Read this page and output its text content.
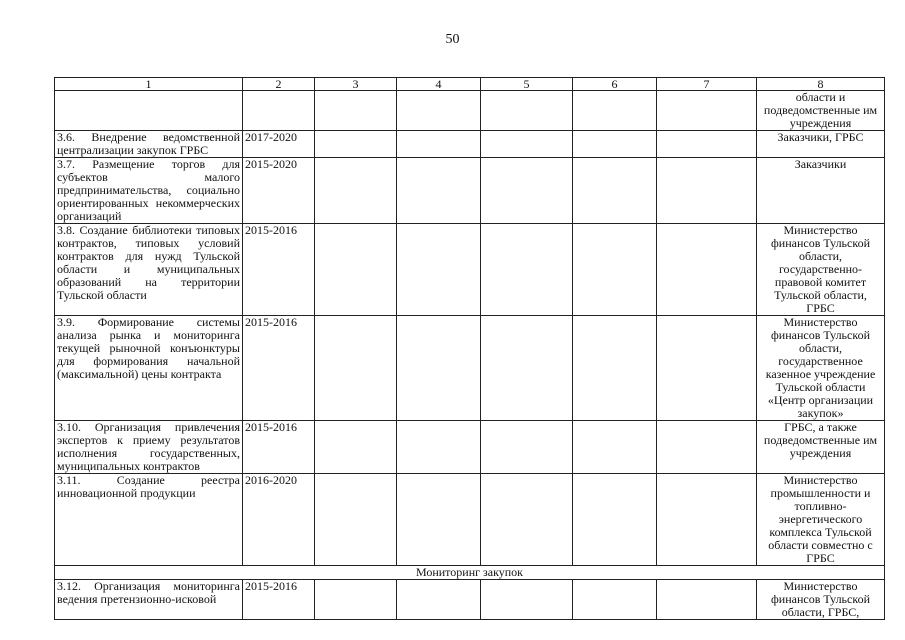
50
1	2	3	4	5	6	7	8
							области и подведомственные им учреждения
3.6. Внедрение ведомственной централизации закупок ГРБС	2017-2020						Заказчики, ГРБС
3.7. Размещение торгов для субъектов малого предпринимательства, социально ориентированных некоммерческих организаций	2015-2020						Заказчики
3.8. Создание библиотеки типовых контрактов, типовых условий контрактов для нужд Тульской области и муниципальных образований на территории Тульской области	2015-2016						Министерство финансов Тульской области, государственно-правовой комитет Тульской области, ГРБС
3.9. Формирование системы анализа рынка и мониторинга текущей рыночной конъюнктуры для формирования начальной (максимальной) цены контракта	2015-2016						Министерство финансов Тульской области, государственное казенное учреждение Тульской области «Центр организации закупок»
3.10. Организация привлечения экспертов к приему результатов исполнения государственных, муниципальных контрактов	2015-2016						ГРБС, а также подведомственные им учреждения
3.11. Создание реестра инновационной продукции	2016-2020						Министерство промышленности и топливно-энергетического комплекса Тульской области совместно с ГРБС
Мониторинг закупок							
3.12. Организация мониторинга ведения претензионно-исковой	2015-2016						Министерство финансов Тульской области, ГРБС,
